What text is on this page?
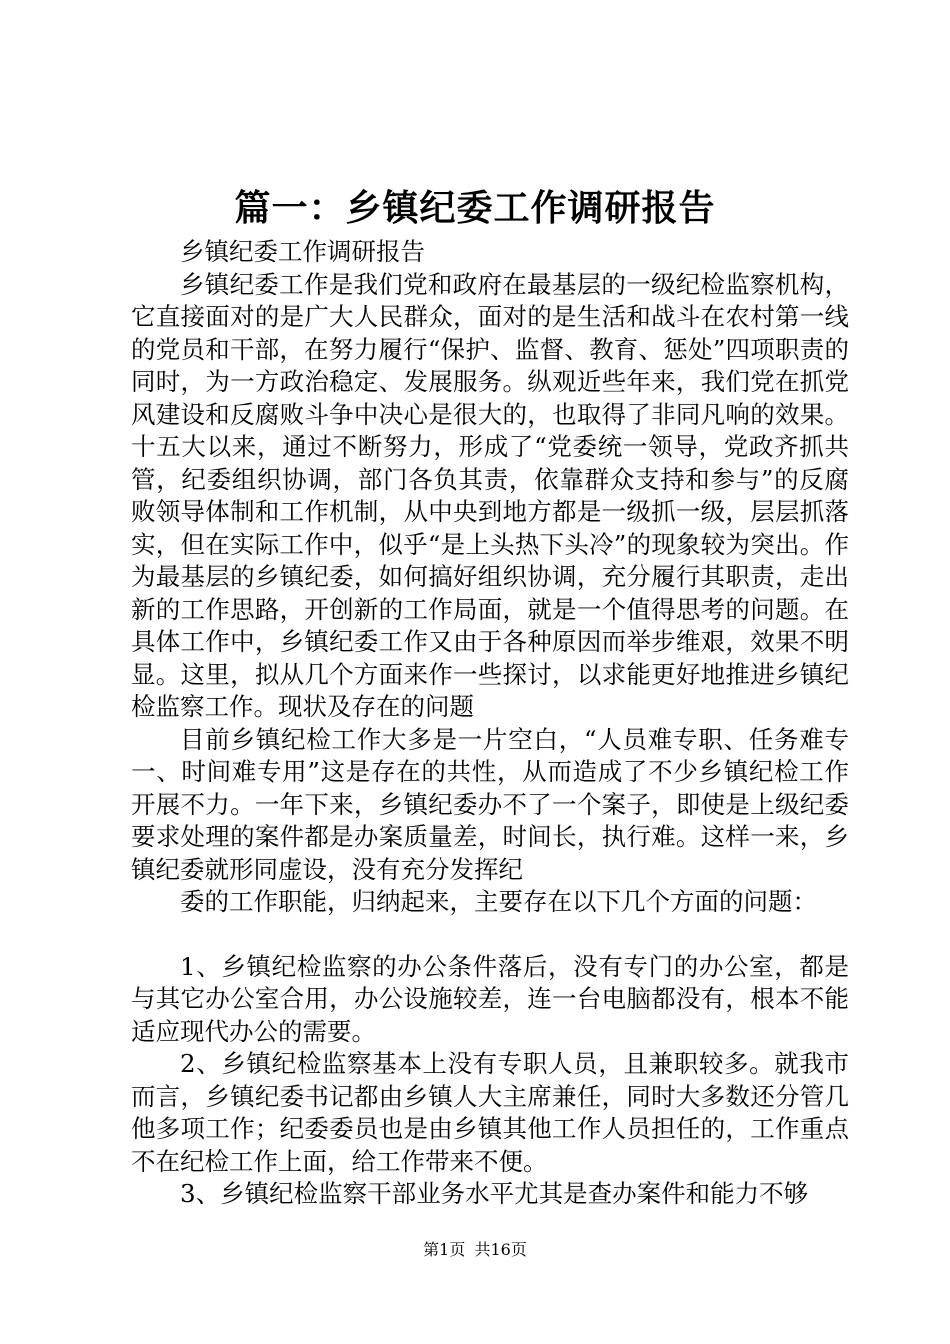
篇一：乡镇纪委工作调研报告

乡镇纪委工作调研报告

乡镇纪委工作是我们党和政府在最基层的一级纪检监察机构，它直接面对的是广大人民群众，面对的是生活和战斗在农村第一线的党员和干部，在努力履行“保护、监督、教育、惩处”四项职责的同时，为一方政治稳定、发展服务。纵观近些年来，我们党在抓党风建设和反腐败斗争中决心是很大的，也取得了非同凡响的效果。十五大以来，通过不断努力，形成了“党委统一领导，党政齐抓共管，纪委组织协调，部门各负其责，依靠群众支持和参与”的反腐败领导体制和工作机制，从中央到地方都是一级抓一级，层层抓落实，但在实际工作中，似乎“是上头热下头冷”的现象较为突出。作为最基层的乡镇纪委，如何搞好组织协调，充分履行其职责，走出新的工作思路，开创新的工作局面，就是一个值得思考的问题。在具体工作中，乡镇纪委工作又由于各种原因而举步维艰，效果不明显。这里，拟从几个方面来作一些探讨，以求能更好地推进乡镇纪检监察工作。现状及存在的问题

目前乡镇纪检工作大多是一片空白，“人员难专职、任务难专一、时间难专用”这是存在的共性，从而造成了不少乡镇纪检工作开展不力。一年下来，乡镇纪委办不了一个案子，即使是上级纪委要求处理的案件都是办案质量差，时间长，执行难。这样一来，乡镇纪委就形同虚设，没有充分发挥纪

委的工作职能，归纳起来，主要存在以下几个方面的问题：

1、乡镇纪检监察的办公条件落后，没有专门的办公室，都是与其它办公室合用，办公设施较差，连一台电脑都没有，根本不能适应现代办公的需要。

2、乡镇纪检监察基本上没有专职人员，且兼职较多。就我市而言，乡镇纪委书记都由乡镇人大主席兼任，同时大多数还分管几他多项工作；纪委委员也是由乡镇其他工作人员担任的，工作重点不在纪检工作上面，给工作带来不便。

3、乡镇纪检监察干部业务水平尤其是查办案件和能力不够

第1页 共16页
